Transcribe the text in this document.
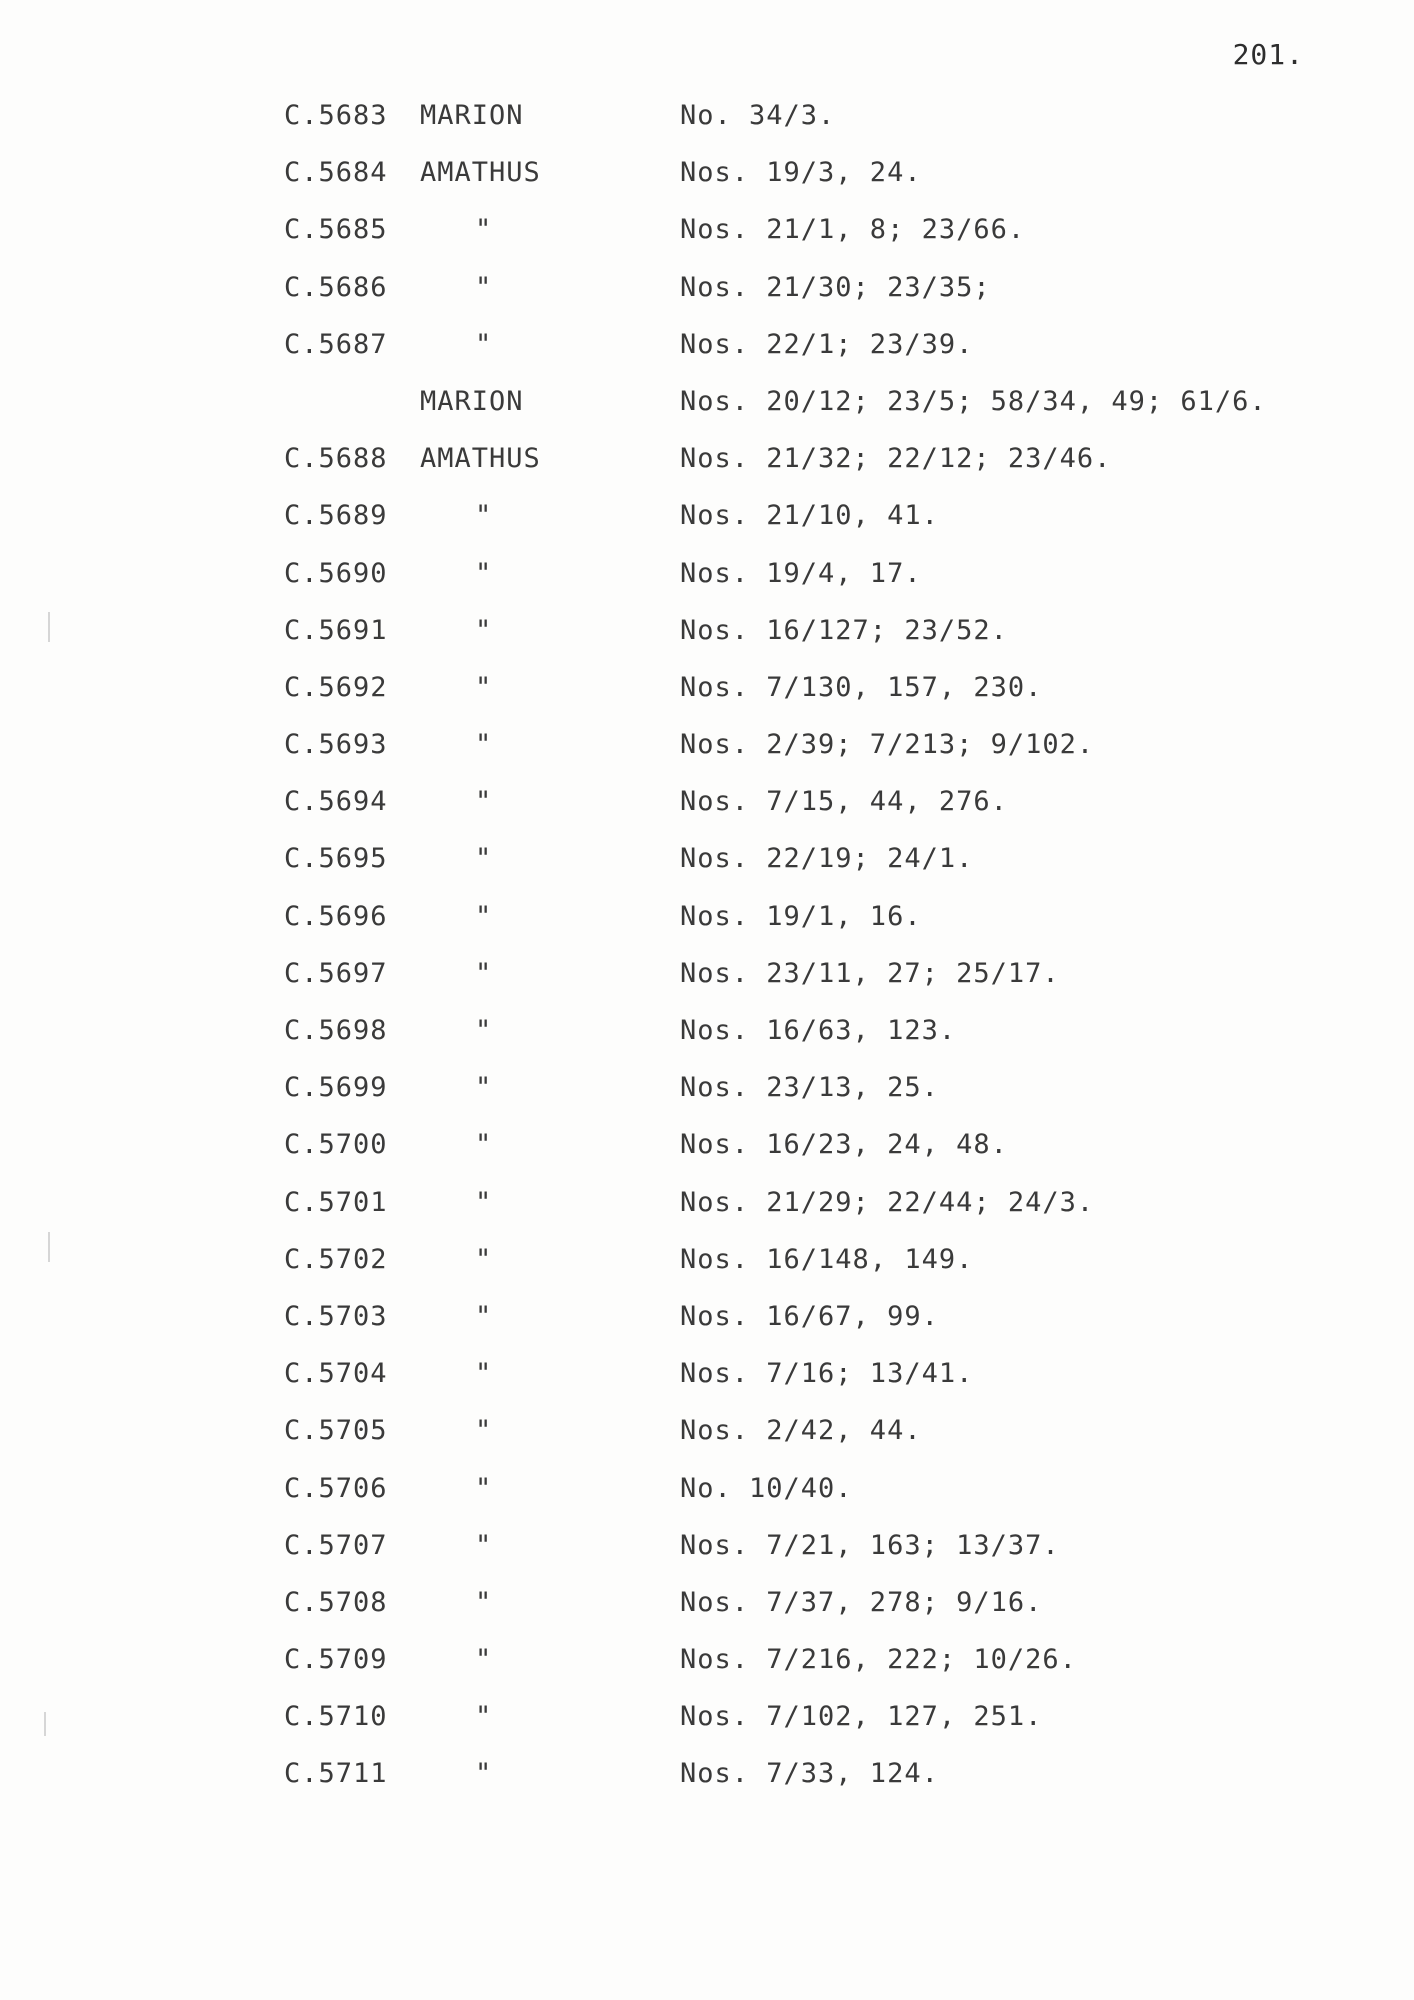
201.
C.5683 MARION	No. 34/3.
C.5684 AMATHUS	Nos. 19/3, 24.
C.5685	"	Nos. 21/1, 8; 23/66.
C.5686	"	Nos. 21/30; 23/35;
C.5687	"	Nos. 22/1; 23/39.
MARION	Nos. 20/12; 23/5; 58/34, 49; 61/6.
C.5688 AMATHUS	Nos. 21/32; 22/12; 23/46.
C.5689	"	Nos. 21/10, 41.
C.5690	"	Nos. 19/4, 17.
C.5691	"	Nos. 16/127; 23/52.
C.5692	"	Nos. 7/130, 157, 230.
C.5693	"	Nos. 2/39; 7/213; 9/102.
C.5694	"	Nos. 7/15, 44, 276.
C.5695	"	Nos. 22/19; 24/1.
C.5696	"	Nos. 19/1, 16.
C.5697	"	Nos. 23/11, 27; 25/17.
C.5698	"	Nos. 16/63, 123.
C.5699	"	Nos. 23/13, 25.
C.5700	"	Nos. 16/23, 24, 48.
C.5701	"	Nos. 21/29; 22/44; 24/3.
C.5702	"	Nos. 16/148, 149.
C.5703	"	Nos. 16/67, 99.
C.5704	"	Nos. 7/16; 13/41.
C.5705	"	Nos. 2/42, 44.
C.5706	"	No. 10/40.
C.5707	"	Nos. 7/21, 163; 13/37.
C.5708	"	Nos. 7/37, 278; 9/16.
C.5709	"	Nos. 7/216, 222; 10/26.
C.5710	"	Nos. 7/102, 127, 251.
C.5711	"	Nos. 7/33, 124.
